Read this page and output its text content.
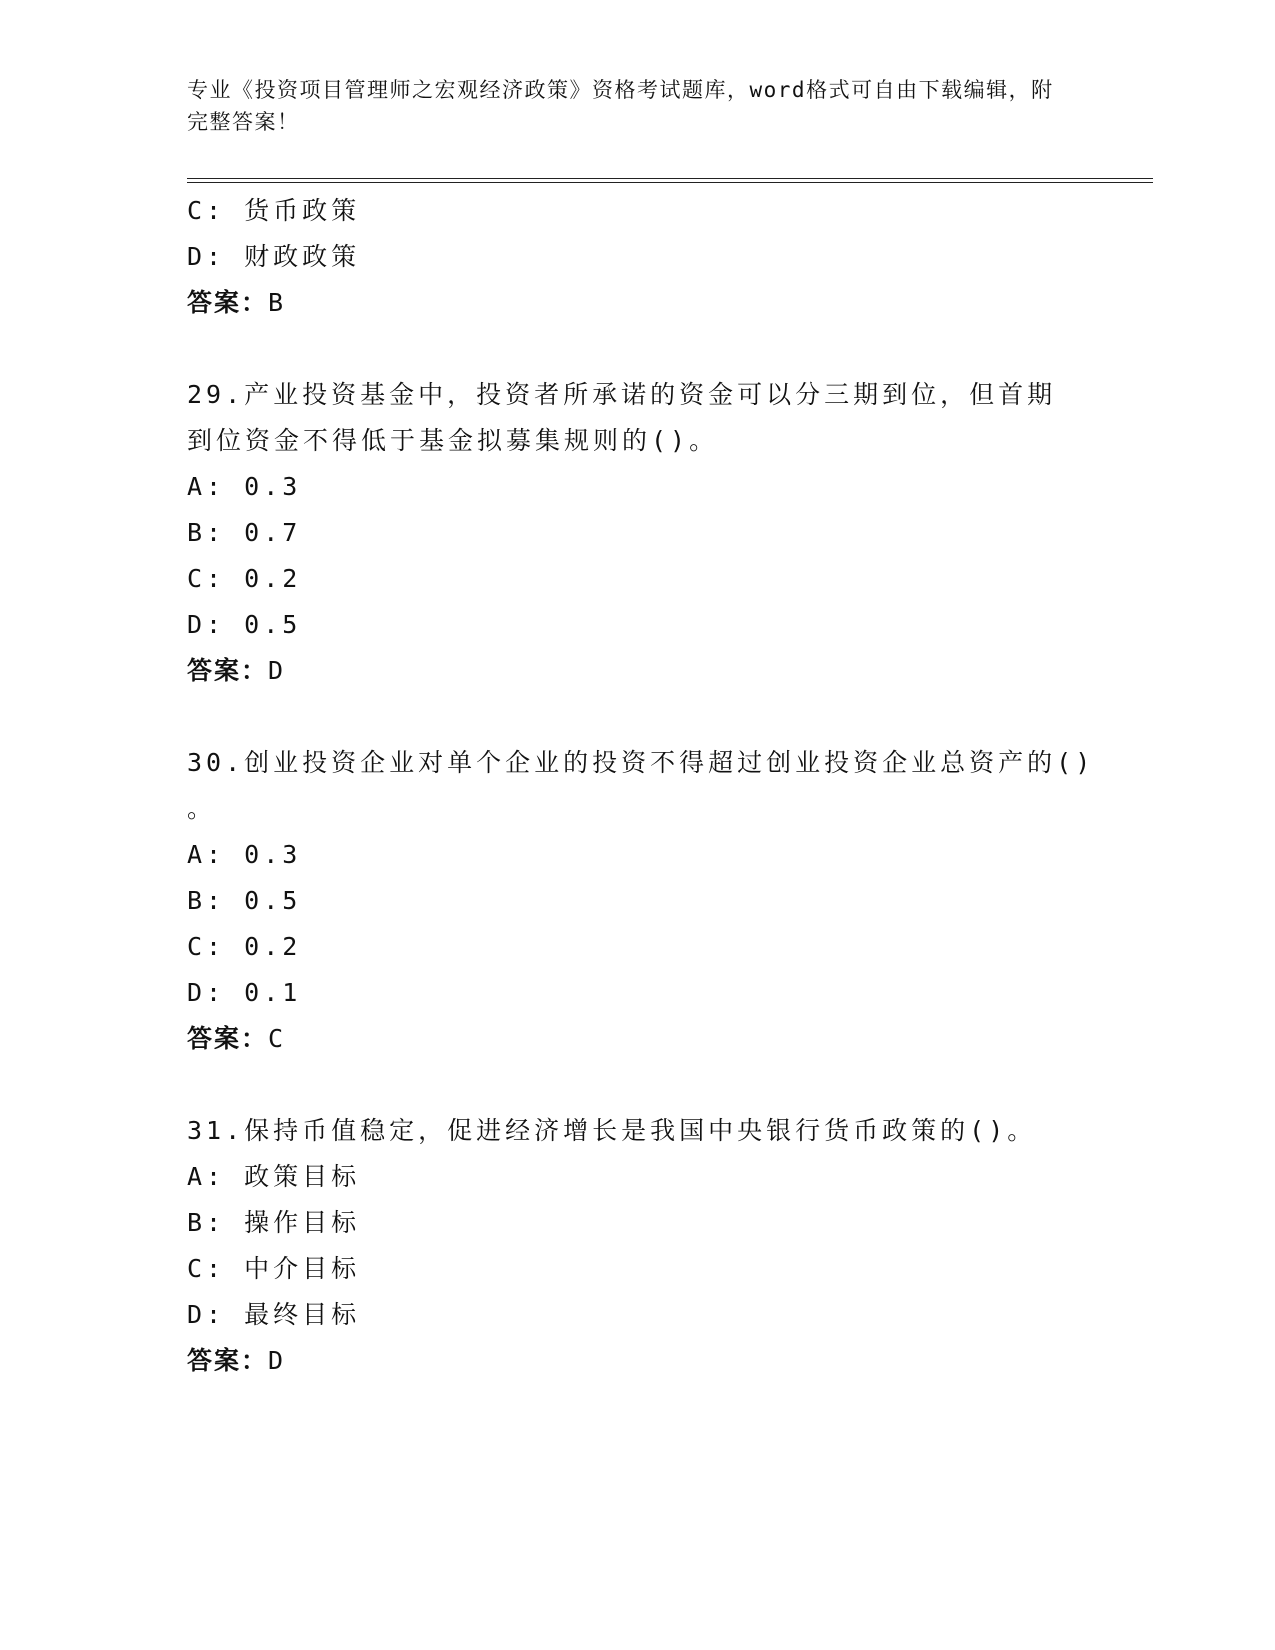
专业《投资项目管理师之宏观经济政策》资格考试题库，word格式可自由下载编辑，附完整答案！
C: 货币政策
D: 财政政策
答案：B
29.产业投资基金中，投资者所承诺的资金可以分三期到位，但首期到位资金不得低于基金拟募集规则的()。
A: 0.3
B: 0.7
C: 0.2
D: 0.5
答案：D
30.创业投资企业对单个企业的投资不得超过创业投资企业总资产的()
。
A: 0.3
B: 0.5
C: 0.2
D: 0.1
答案：C
31.保持币值稳定，促进经济增长是我国中央银行货币政策的()。
A: 政策目标
B: 操作目标
C: 中介目标
D: 最终目标
答案：D
